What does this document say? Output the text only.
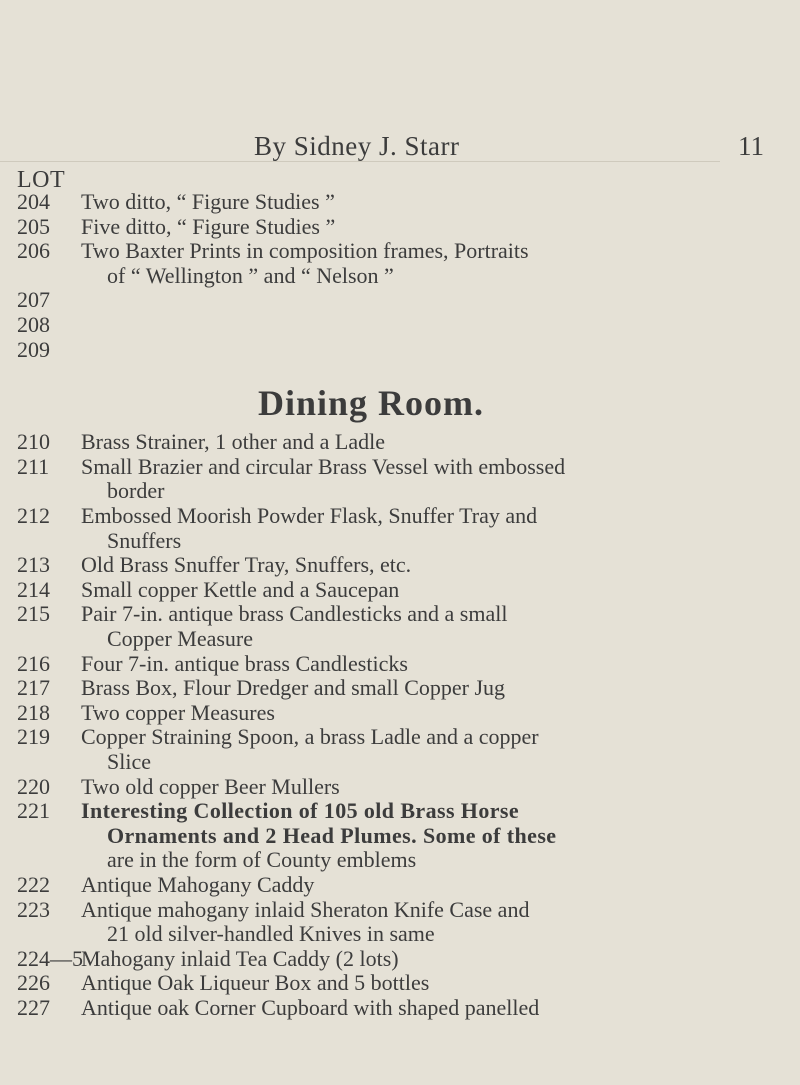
By Sidney J. Starr	11
LOT
204 Two ditto, “ Figure Studies ”
205 Five ditto, “ Figure Studies ”
206 Two Baxter Prints in composition frames, Portraits
of “ Wellington ” and “ Nelson ”
207
208
209
Dining Room.
210 Brass Strainer, 1 other and a Ladle
211 Small Brazier and circular Brass Vessel with embossed
border
212 Embossed Moorish Powder Flask, Snuffer Tray and
Snuffers
213 Old Brass Snuffer Tray, Snuffers, etc.
214 Small copper Kettle and a Saucepan
215 Pair 7-in. antique brass Candlesticks and a small
Copper Measure
216 Four 7-in. antique brass Candlesticks
217 Brass Box, Flour Dredger and small Copper Jug
218 Two copper Measures
219 Copper Straining Spoon, a brass Ladle and a copper
Slice
220 Two old copper Beer Mullers
221 Interesting Collection of 105 old Brass Horse
Ornaments and 2 Head Plumes. Some of these
are in the form of County emblems
222 Antique Mahogany Caddy
223 Antique mahogany inlaid Sheraton Knife Case and
21 old silver-handled Knives in same
224—5
Mahogany inlaid Tea Caddy (2 lots)
226 Antique Oak Liqueur Box and 5 bottles
227 Antique oak Corner Cupboard with shaped panelled
